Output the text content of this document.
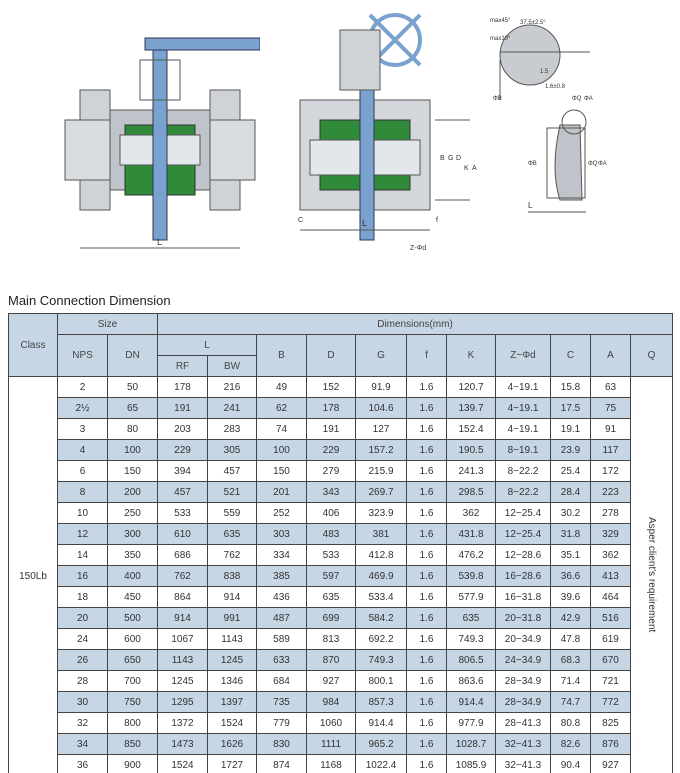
L
L
B G D
K A
C	f
Z-Φd
max45° 37.5±2.5°
max10°
1.6±0.8
1.5
ΦB	ΦQ ΦA
ΦB	ΦQ ΦA
L
Main Connection Dimension
Class	Size		Dimensions(mm)										
	NPS	DN	L		B	D	G	f	K	Z−Φd	C	A	Q
			RF	BW									
150Lb	2	50	178	216	49	152	91.9	1.6	120.7	4−19.1	15.8	63	Asper client's requirement
	2½	65	191	241	62	178	104.6	1.6	139.7	4−19.1	17.5	75	
	3	80	203	283	74	191	127	1.6	152.4	4−19.1	19.1	91	
	4	100	229	305	100	229	157.2	1.6	190.5	8−19.1	23.9	117	
	6	150	394	457	150	279	215.9	1.6	241.3	8−22.2	25.4	172	
	8	200	457	521	201	343	269.7	1.6	298.5	8−22.2	28.4	223	
	10	250	533	559	252	406	323.9	1.6	362	12−25.4	30.2	278	
	12	300	610	635	303	483	381	1.6	431.8	12−25.4	31.8	329	
	14	350	686	762	334	533	412.8	1.6	476.2	12−28.6	35.1	362	
	16	400	762	838	385	597	469.9	1.6	539.8	16−28.6	36.6	413	
	18	450	864	914	436	635	533.4	1.6	577.9	16−31.8	39.6	464	
	20	500	914	991	487	699	584.2	1.6	635	20−31.8	42.9	516	
	24	600	1067	1143	589	813	692.2	1.6	749.3	20−34.9	47.8	619	
	26	650	1143	1245	633	870	749.3	1.6	806.5	24−34.9	68.3	670	
	28	700	1245	1346	684	927	800.1	1.6	863.6	28−34.9	71.4	721	
	30	750	1295	1397	735	984	857.3	1.6	914.4	28−34.9	74.7	772	
	32	800	1372	1524	779	1060	914.4	1.6	977.9	28−41.3	80.8	825	
	34	850	1473	1626	830	1111	965.2	1.6	1028.7	32−41.3	82.6	876	
	36	900	1524	1727	874	1168	1022.4	1.6	1085.9	32−41.3	90.4	927	
